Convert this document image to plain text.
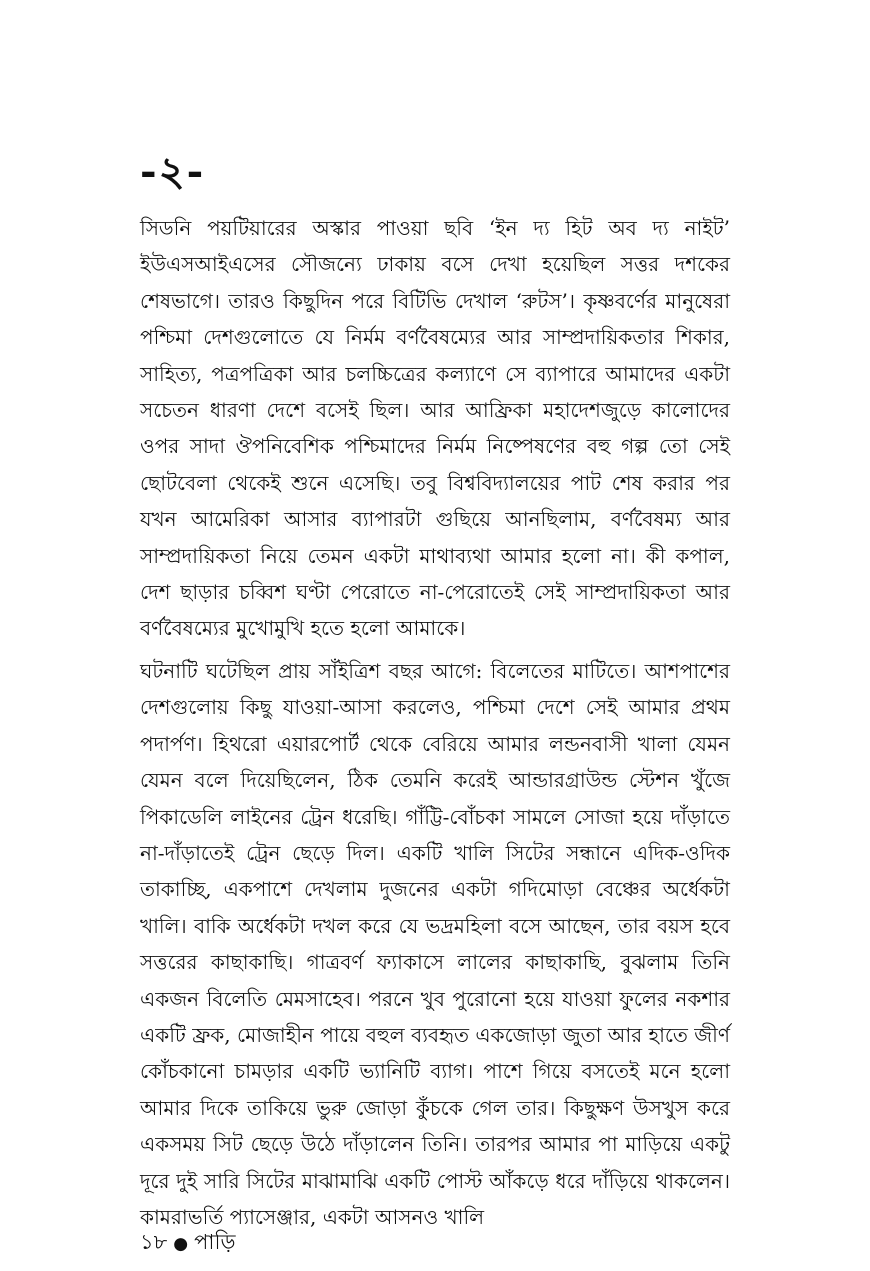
-২-

সিডনি পয়টিয়ারের অস্কার পাওয়া ছবি ‘ইন দ্য হিট অব দ্য নাইট’ ইউএসআইএসের সৌজন্যে ঢাকায় বসে দেখা হয়েছিল সত্তর দশকের শেষভাগে। তারও কিছুদিন পরে বিটিভি দেখাল ‘রুটস’। কৃষ্ণবর্ণের মানুষেরা পশ্চিমা দেশগুলোতে যে নির্মম বর্ণবৈষম্যের আর সাম্প্রদায়িকতার শিকার, সাহিত্য, পত্রপত্রিকা আর চলচ্চিত্রের কল্যাণে সে ব্যাপারে আমাদের একটা সচেতন ধারণা দেশে বসেই ছিল। আর আফ্রিকা মহাদেশজুড়ে কালোদের ওপর সাদা ঔপনিবেশিক পশ্চিমাদের নির্মম নিষ্পেষণের বহু গল্প তো সেই ছোটবেলা থেকেই শুনে এসেছি। তবু বিশ্ববিদ্যালয়ের পাট শেষ করার পর যখন আমেরিকা আসার ব্যাপারটা গুছিয়ে আনছিলাম, বর্ণবৈষম্য আর সাম্প্রদায়িকতা নিয়ে তেমন একটা মাথাব্যথা আমার হলো না। কী কপাল, দেশ ছাড়ার চব্বিশ ঘণ্টা পেরোতে না-পেরোতেই সেই সাম্প্রদায়িকতা আর বর্ণবৈষম্যের মুখোমুখি হতে হলো আমাকে।

ঘটনাটি ঘটেছিল প্রায় সাঁইত্রিশ বছর আগে: বিলেতের মাটিতে। আশপাশের দেশগুলোয় কিছু যাওয়া-আসা করলেও, পশ্চিমা দেশে সেই আমার প্রথম পদার্পণ। হিথরো এয়ারপোর্ট থেকে বেরিয়ে আমার লন্ডনবাসী খালা যেমন যেমন বলে দিয়েছিলেন, ঠিক তেমনি করেই আন্ডারগ্রাউন্ড স্টেশন খুঁজে পিকাডেলি লাইনের ট্রেন ধরেছি। গাঁট্টি-বোঁচকা সামলে সোজা হয়ে দাঁড়াতে না-দাঁড়াতেই ট্রেন ছেড়ে দিল। একটি খালি সিটের সন্ধানে এদিক-ওদিক তাকাচ্ছি, একপাশে দেখলাম দুজনের একটা গদিমোড়া বেঞ্চের অর্ধেকটা খালি। বাকি অর্ধেকটা দখল করে যে ভদ্রমহিলা বসে আছেন, তার বয়স হবে সত্তরের কাছাকাছি। গাত্রবর্ণ ফ্যাকাসে লালের কাছাকাছি, বুঝলাম তিনি একজন বিলেতি মেমসাহেব। পরনে খুব পুরোনো হয়ে যাওয়া ফুলের নকশার একটি ফ্রক, মোজাহীন পায়ে বহুল ব্যবহৃত একজোড়া জুতা আর হাতে জীর্ণ কোঁচকানো চামড়ার একটি ভ্যানিটি ব্যাগ। পাশে গিয়ে বসতেই মনে হলো আমার দিকে তাকিয়ে ভুরু জোড়া কুঁচকে গেল তার। কিছুক্ষণ উসখুস করে একসময় সিট ছেড়ে উঠে দাঁড়ালেন তিনি। তারপর আমার পা মাড়িয়ে একটু দূরে দুই সারি সিটের মাঝামাঝি একটি পোস্ট আঁকড়ে ধরে দাঁড়িয়ে থাকলেন। কামরাভর্তি প্যাসেঞ্জার, একটা আসনও খালি

১৮ ● পাড়ি
